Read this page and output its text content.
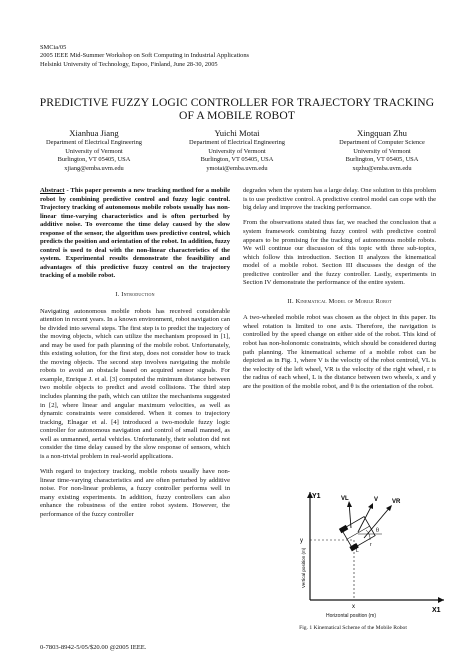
SMCia/05
2005 IEEE Mid-Summer Workshop on Soft Computing in Industrial Applications
Helsinki University of Technology, Espoo, Finland, June 28-30, 2005
PREDICTIVE FUZZY LOGIC CONTROLLER FOR TRAJECTORY TRACKING
OF A MOBILE ROBOT
Xianhua Jiang
Department of Electrical Engineering
University of Vermont
Burlington, VT 05405, USA
xjiang@emba.uvm.edu
Yuichi Motai
Department of Electrical Engineering
University of Vermont
Burlington, VT 05405, USA
ymotai@emba.uvm.edu
Xingquan Zhu
Department of Computer Science
University of Vermont
Burlington, VT 05405, USA
xqzhu@emba.uvm.edu

Abstract - This paper presents a new tracking method for a mobile robot by combining predictive control and fuzzy logic control. Trajectory tracking of autonomous mobile robots usually has non-linear time-varying characteristics and is often perturbed by additive noise. To overcome the time delay caused by the slow response of the sensor, the algorithm uses predictive control, which predicts the position and orientation of the robot. In addition, fuzzy control is used to deal with the non-linear characteristics of the system. Experimental results demonstrate the feasibility and advantages of this predictive fuzzy control on the trajectory tracking of a mobile robot.

I. Introduction

Navigating autonomous mobile robots has received considerable attention in recent years. In a known environment, robot navigation can be divided into several steps. The first step is to predict the trajectory of the moving objects, which can utilize the mechanism proposed in [1], and may be used for path planning of the mobile robot. Unfortunately, this existing solution, for the first step, does not consider how to track the moving objects. The second step involves navigating the mobile robots to avoid an obstacle based on acquired sensor signals. For example, Enrique J. et al. [3] computed the minimum distance between two mobile objects to predict and avoid collisions. The third step includes planning the path, which can utilize the mechanisms suggested in [2], where linear and angular maximum velocities, as well as dynamic constraints were considered. When it comes to trajectory tracking, Elnagar et al. [4] introduced a two-module fuzzy logic controller for autonomous navigation and control of small manned, as well as unmanned, aerial vehicles. Unfortunately, their solution did not consider the time delay caused by the slow response of sensors, which is a non-trivial problem in real-world applications.

With regard to trajectory tracking, mobile robots usually have non-linear time-varying characteristics and are often perturbed by additive noise. For non-linear problems, a fuzzy controller performs well in many existing experiments. In addition, fuzzy controllers can also enhance the robustness of the entire robot system. However, the performance of the fuzzy controller

degrades when the system has a large delay. One solution to this problem is to use predictive control. A predictive control model can cope with the big delay and improve the tracking performance.

From the observations stated thus far, we reached the conclusion that a system framework combining fuzzy control with predictive control appears to be promising for the tracking of autonomous mobile robots. We will continue our discussion of this topic with three sub-topics, which follow this introduction. Section II analyzes the kinematical model of a mobile robot. Section III discusses the design of the predictive controller and the fuzzy controller. Lastly, experiments in Section IV demonstrate the performance of the entire system.

II. Kinematical Model of Mobile Robot

A two-wheeled mobile robot was chosen as the object in this paper. Its wheel rotation is limited to one axis. Therefore, the navigation is controlled by the speed change on either side of the robot. This kind of robot has non-holonomic constraints, which should be considered during path planning. The kinematical scheme of a mobile robot can be depicted as in Fig. 1, where V is the velocity of the robot centroid, VL is the velocity of the left wheel, VR is the velocity of the right wheel, r is the radius of each wheel, L is the distance between two wheels, x and y are the position of the mobile robot, and θ is the orientation of the robot.

Y1
X1
VL	V VR
y
x
θ
L
r
Vertical position (m)
Horizontal position (m)
Fig. 1 Kinematical Scheme of the Mobile Robot
0-7803-8942-5/05/$20.00 @2005 IEEE.
